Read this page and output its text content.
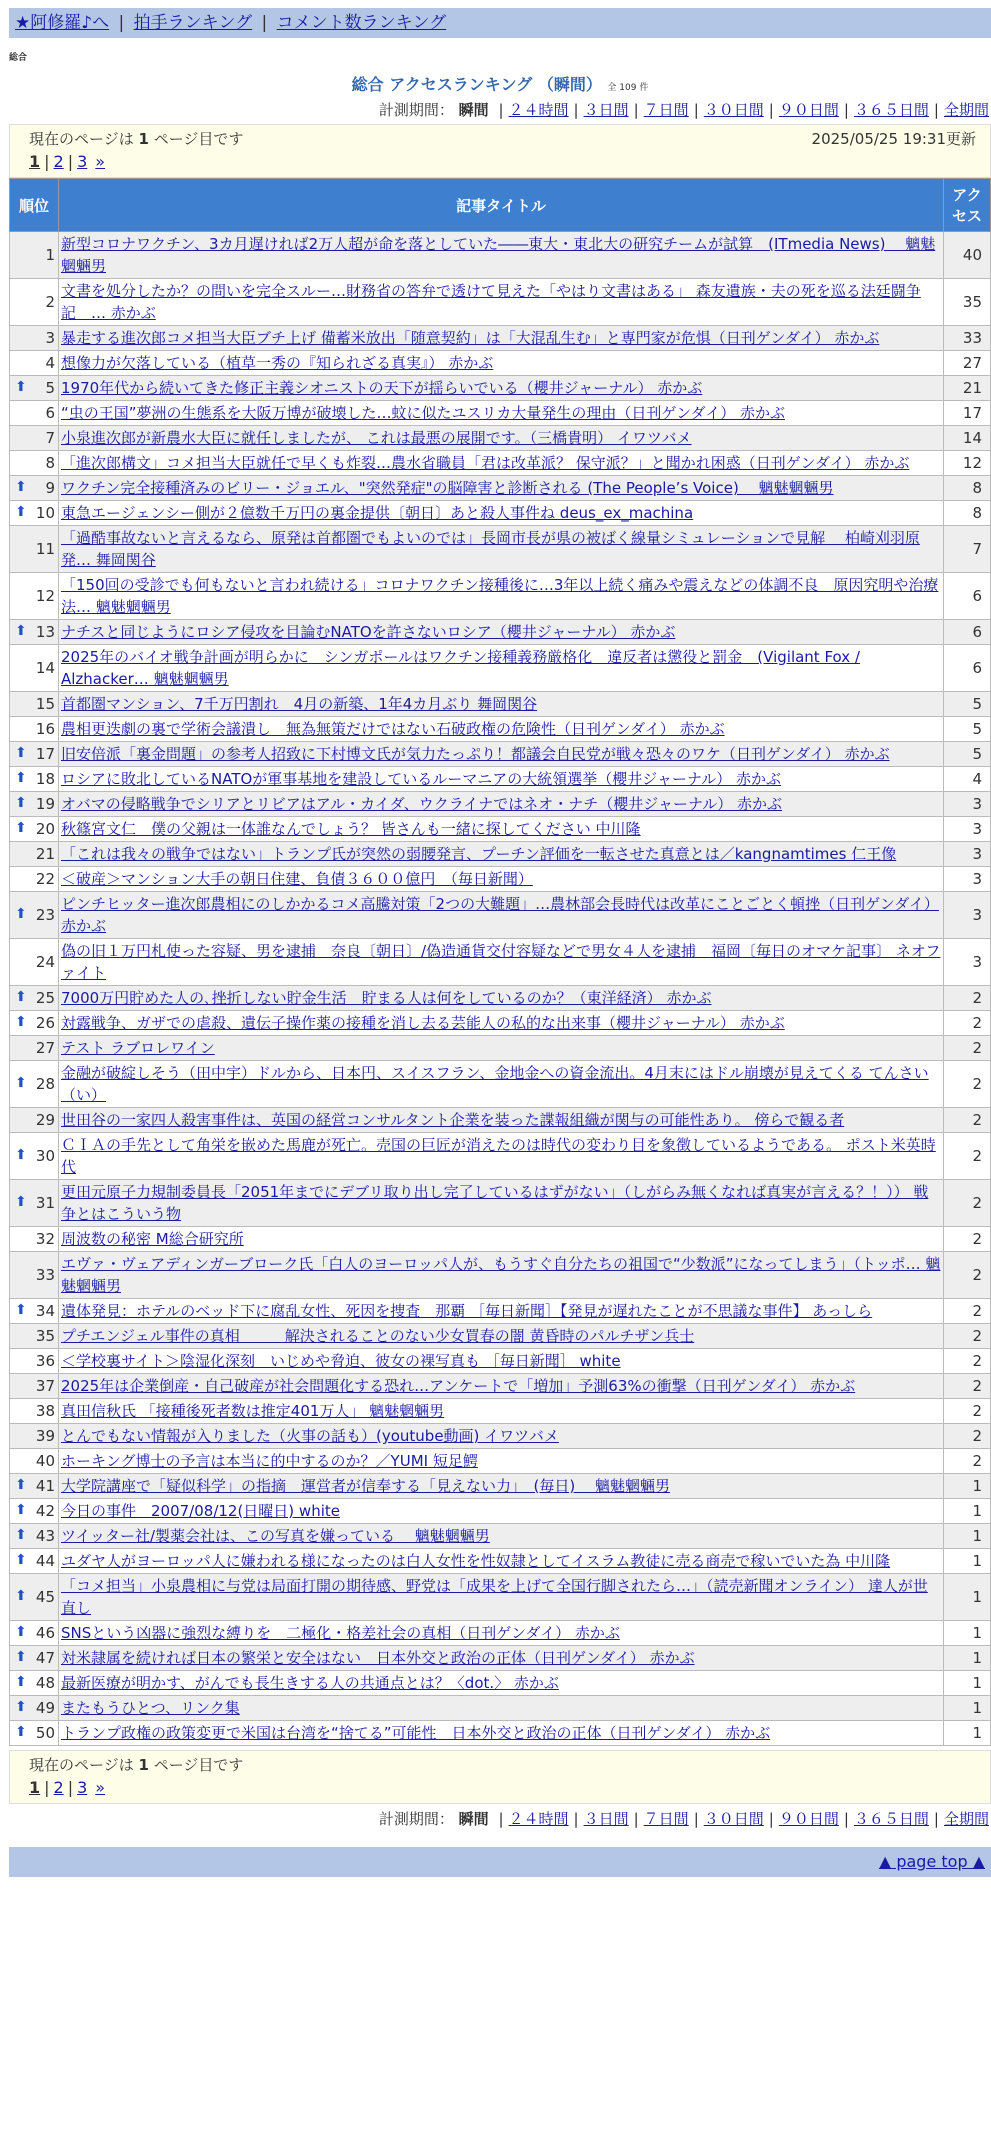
★阿修羅♪へ | 拍手ランキング | コメント数ランキング
総合
総合 アクセスランキング （瞬間） 全 109 件
計測期間： 瞬間 | ２４時間 | ３日間 | ７日間 | ３０日間 | ９０日間 | ３６５日間 | 全期間
現在のページは 1 ページ目です	2025/05/25 19:31更新
1 | 2 | 3 »
順位	記事タイトル	アクセス
1	新型コロナワクチン、3カ月遅ければ2万人超が命を落としていた――東大・東北大の研究チームが試算　(ITmedia News)　 魑魅魍魎男	40
2	文書を処分したか？の問いを完全スルー…財務省の答弁で透けて見えた「やはり文書はある」 森友遺族・夫の死を巡る法廷闘争記　… 赤かぶ	35
3	暴走する進次郎コメ担当大臣ブチ上げ 備蓄米放出「随意契約」は「大混乱生む」と専門家が危惧（日刊ゲンダイ） 赤かぶ	33
4	想像力が欠落している（植草一秀の『知られざる真実』） 赤かぶ	27

⬆ 5	1970年代から続いてきた修正主義シオニストの天下が揺らいでいる（櫻井ジャーナル） 赤かぶ	21
6	“虫の王国”夢洲の生態系を大阪万博が破壊した…蚊に似たユスリカ大量発生の理由（日刊ゲンダイ） 赤かぶ	17
7	小泉進次郎が新農水大臣に就任しましたが、 これは最悪の展開です。（三橋貴明） イワツバメ	14
8	「進次郎構文」コメ担当大臣就任で早くも炸裂…農水省職員「君は改革派？ 保守派？」と聞かれ困惑（日刊ゲンダイ） 赤かぶ	12

⬆ 9	ワクチン完全接種済みのビリー・ジョエル、"突然発症"の脳障害と診断される (The People’s Voice)　 魑魅魍魎男	8

⬆ 10	東急エージェンシー側が２億数千万円の裏金提供〔朝日〕あと殺人事件ね deus_ex_machina	8
11	「過酷事故ないと言えるなら、原発は首都圏でもよいのでは」長岡市長が県の被ばく線量シミュレーションで見解　 柏崎刈羽原発… 舞岡関谷	7
12	「150回の受診でも何もないと言われ続ける」コロナワクチン接種後に…3年以上続く痛みや震えなどの体調不良　原因究明や治療法… 魑魅魍魎男	6

⬆ 13	ナチスと同じようにロシア侵攻を目論むNATOを許さないロシア（櫻井ジャーナル） 赤かぶ	6
14	2025年のバイオ戦争計画が明らかに　シンガポールはワクチン接種義務厳格化　違反者は懲役と罰金　(Vigilant Fox / Alzhacker… 魑魅魍魎男	6
15	首都圏マンション、7千万円割れ　4月の新築、1年4カ月ぶり 舞岡関谷	5
16	農相更迭劇の裏で学術会議潰し　無為無策だけではない石破政権の危険性（日刊ゲンダイ） 赤かぶ	5

⬆ 17	旧安倍派「裏金問題」の参考人招致に下村博文氏が気力たっぷり！都議会自民党が戦々恐々のワケ（日刊ゲンダイ） 赤かぶ	5

⬆ 18	ロシアに敗北しているNATOが軍事基地を建設しているルーマニアの大統領選挙（櫻井ジャーナル） 赤かぶ	4

⬆ 19	オバマの侵略戦争でシリアとリビアはアル・カイダ、ウクライナではネオ・ナチ（櫻井ジャーナル） 赤かぶ	3

⬆ 20	秋篠宮文仁　僕の父親は一体誰なんでしょう？ 皆さんも一緒に探してください 中川隆	3
21	「これは我々の戦争ではない」トランプ氏が突然の弱腰発言、プーチン評価を一転させた真意とは／kangnamtimes 仁王像	3
22	＜破産＞マンション大手の朝日住建、負債３６００億円　（毎日新聞）	3

⬆ 23	ピンチヒッター進次郎農相にのしかかるコメ高騰対策「2つの大難題」…農林部会長時代は改革にことごとく頓挫（日刊ゲンダイ） 赤かぶ	3
24	偽の旧１万円札使った容疑、男を逮捕　奈良〔朝日〕/偽造通貨交付容疑などで男女４人を逮捕　福岡〔毎日のオマケ記事〕 ネオファイト	3

⬆ 25	7000万円貯めた人の､挫折しない貯金生活　貯まる人は何をしているのか？（東洋経済） 赤かぶ	2

⬆ 26	対露戦争、ガザでの虐殺、遺伝子操作薬の接種を消し去る芸能人の私的な出来事（櫻井ジャーナル） 赤かぶ	2
27	テスト ラブロレワイン	2

⬆ 28	金融が破綻しそう（田中宇）ドルから、日本円、スイスフラン、金地金への資金流出。4月末にはドル崩壊が見えてくる てんさい（い）	2
29	世田谷の一家四人殺害事件は、英国の経営コンサルタント企業を装った諜報組織が関与の可能性あり。 傍らで観る者	2

⬆ 30	ＣＩＡの手先として角栄を嵌めた馬鹿が死亡。売国の巨匠が消えたのは時代の変わり目を象徴しているようである。 ポスト米英時代	2

⬆ 31	更田元原子力規制委員長「2051年までにデブリ取り出し完了しているはずがない」（しがらみ無くなれば真実が言える？！）） 戦争とはこういう物	2
32	周波数の秘密 M総合研究所	2
33	エヴァ・ヴェアディンガーブローク氏「白人のヨーロッパ人が、もうすぐ自分たちの祖国で“少数派”になってしまう」（トッポ… 魑魅魍魎男	2

⬆ 34	遺体発見：ホテルのベッド下に腐乱女性、死因を捜査　那覇 ［毎日新聞］【発見が遅れたことが不思議な事件】 あっしら	2
35	プチエンジェル事件の真相　　　解決されることのない少女買春の闇 黄昏時のパルチザン兵士	2
36	＜学校裏サイト＞陰湿化深刻　いじめや脅迫、彼女の裸写真も ［毎日新聞］ white	2
37	2025年は企業倒産・自己破産が社会問題化する恐れ…アンケートで「増加」予測63%の衝撃（日刊ゲンダイ） 赤かぶ	2
38	真田信秋氏 「接種後死者数は推定401万人」 魑魅魍魎男	2
39	とんでもない情報が入りました（火事の話も）(youtube動画) イワツバメ	2
40	ホーキング博士の予言は本当に的中するのか？／YUMI 短足鰐	2

⬆ 41	大学院講座で「疑似科学」の指摘　運営者が信奉する「見えない力」　(毎日)　 魑魅魍魎男	1

⬆ 42	今日の事件　2007/08/12(日曜日) white	1

⬆ 43	ツイッター社/製薬会社は、この写真を嫌っている　 魑魅魍魎男	1

⬆ 44	ユダヤ人がヨーロッパ人に嫌われる様になったのは白人女性を性奴隷としてイスラム教徒に売る商売で稼いでいた為 中川隆	1

⬆ 45	「コメ担当」小泉農相に与党は局面打開の期待感、野党は「成果を上げて全国行脚されたら…」（読売新聞オンライン） 達人が世直し	1

⬆ 46	SNSという凶器に強烈な縛りを　二極化・格差社会の真相（日刊ゲンダイ） 赤かぶ	1

⬆ 47	対米隷属を続ければ日本の繁栄と安全はない　日本外交と政治の正体（日刊ゲンダイ） 赤かぶ	1

⬆ 48	最新医療が明かす、がんでも長生きする人の共通点とは？〈dot.〉 赤かぶ	1

⬆ 49	またもうひとつ、リンク集	1

⬆ 50	トランプ政権の政策変更で米国は台湾を“捨てる”可能性　日本外交と政治の正体（日刊ゲンダイ） 赤かぶ	1
現在のページは 1 ページ目です
1 | 2 | 3 »
計測期間： 瞬間 | ２４時間 | ３日間 | ７日間 | ３０日間 | ９０日間 | ３６５日間 | 全期間
▲ page top ▲
